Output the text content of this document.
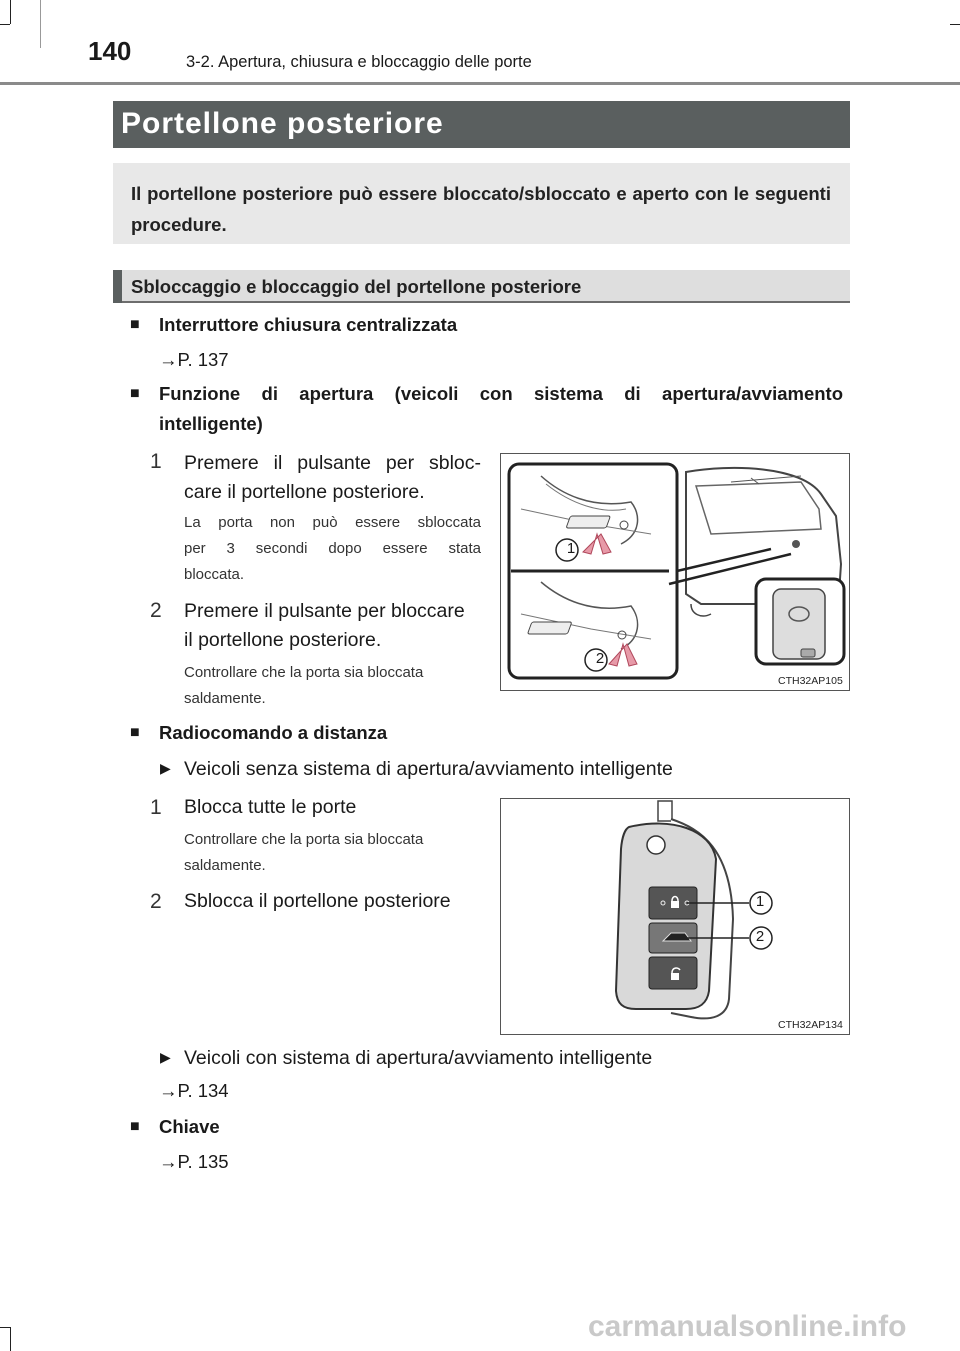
140	3-2. Apertura, chiusura e bloccaggio delle porte
Portellone posteriore
Il portellone posteriore può essere bloccato/sbloccato e aperto con le seguenti procedure.
Sbloccaggio e bloccaggio del portellone posteriore
■ Interruttore chiusura centralizzata
→P. 137
■ Funzione di apertura (veicoli con sistema di apertura/avviamento
intelligente)
1 Premere il pulsante per sbloc-
care il portellone posteriore.
La porta non può essere sbloccata
per 3 secondi dopo essere stata
bloccata.
2 Premere il pulsante per bloccare
il portellone posteriore.
Controllare che la porta sia bloccata
saldamente.
1
2
CTH32AP105
■ Radiocomando a distanza
▶ Veicoli senza sistema di apertura/avviamento intelligente
1 Blocca tutte le porte
Controllare che la porta sia bloccata
saldamente.
2 Sblocca il portellone posteriore	1
2
CTH32AP134
▶ Veicoli con sistema di apertura/avviamento intelligente
→P. 134
■ Chiave
→P. 135
carmanualsonline.info
